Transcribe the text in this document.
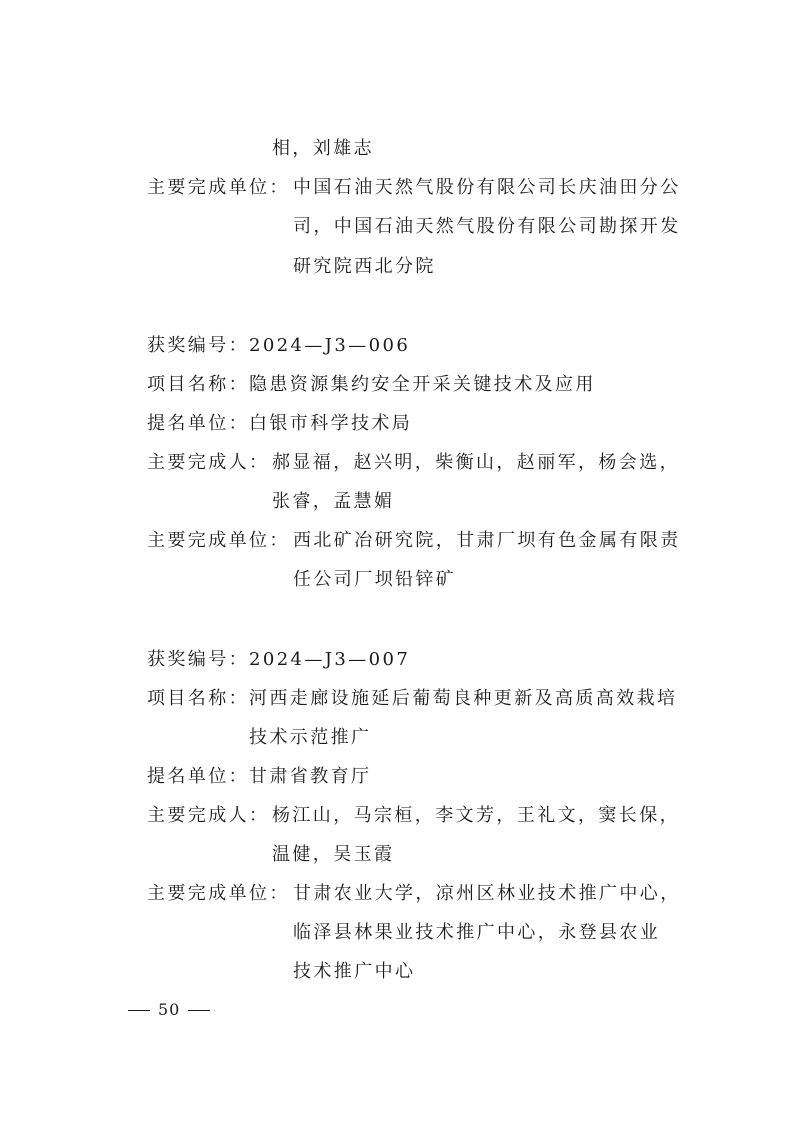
相，刘雄志
主要完成单位： 中国石油天然气股份有限公司长庆油田分公
司，中国石油天然气股份有限公司勘探开发
研究院西北分院
获奖编号： 2024—J3—006
项目名称： 隐患资源集约安全开采关键技术及应用
提名单位： 白银市科学技术局
主要完成人： 郝显福，赵兴明，柴衡山，赵丽军，杨会选，
张睿，孟慧媚
主要完成单位： 西北矿冶研究院，甘肃厂坝有色金属有限责
任公司厂坝铅锌矿
获奖编号： 2024—J3—007
项目名称： 河西走廊设施延后葡萄良种更新及高质高效栽培
技术示范推广
提名单位： 甘肃省教育厅
主要完成人： 杨江山，马宗桓，李文芳，王礼文，窦长保，
温健，吴玉霞
主要完成单位： 甘肃农业大学，凉州区林业技术推广中心，
临泽县林果业技术推广中心，永登县农业
技术推广中心
50
